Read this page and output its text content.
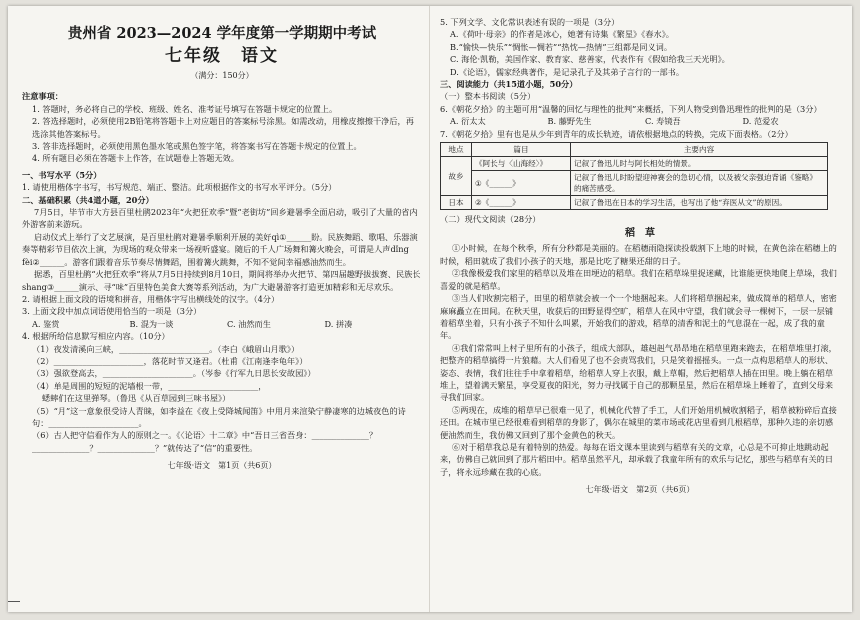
贵州省 2023—2024 学年度第一学期期中考试
七年级　语文
（满分：150分）
注意事项：
1. 答题时，务必将自己的学校、班级、姓名、准考证号填写在答题卡规定的位置上。
2. 答选择题时，必须使用2B铅笔将答题卡上对应题目的答案标号涂黑。如需改动，用橡皮擦擦干净后，再选涂其他答案标号。
3. 答非选择题时，必须使用黑色墨水笔或黑色签字笔，将答案书写在答题卡规定的位置上。
4. 所有题目必须在答题卡上作答，在试题卷上答题无效。
一、书写水平（5分）
1. 请使用楷体字书写，书写规范、端正、整洁。此项根据作文的书写水平评分。（5分）
二、基础积累（共4道小题，20分）
7月5日，毕节市大方县百里杜鹃2023年“火把狂欢季”暨“老街坊”回乡避暑季全面启动，吸引了大量的省内外游客前来游玩。
启动仪式上举行了文艺展演，是百里杜鹃对避暑季顺利开展的美好qì①______盼。民族舞蹈、歌唱、乐器演奏等精彩节目依次上演，为现场的观众带来一场视听盛宴。随后的千人广场舞和篝火晚会，可谓是人声dǐng fèi②______。游客们跟着音乐节奏尽情舞蹈，围着篝火跳舞，不知不觉间幸福感油然而生。
据悉，百里杜鹃“火把狂欢季”将从7月5日持续到8月10日，期间将举办火把节、第四届趣野拔拔赛、民族长shang③______演示、寻“味”百里特色美食大赛等系列活动，为广大避暑游客打造更加精彩和无尽欢乐。
2. 请根据上面文段的语境和拼音，用楷体字写出横线处的汉字。（4分）
3. 上面文段中加点词语使用恰当的一项是（3分）
A. 鉴赏	B. 混为一谈	C. 油然而生	D. 拼凑
4. 根据所给信息默写相应内容。（10分）
（1）夜发清溪向三峡，______________________。（李白《峨眉山月歌》）
（2）______________________，落花时节又逢君。（杜甫《江南逢李龟年》）
（3）强欲登高去，______________________。（岑参《行军九日思长安故园》）
（4）单是周围的短短的泥墙根一带，______________________，
蟋蟀们在这里弹琴。（鲁迅《从百草园到三味书屋》）
（5）“月”这一意象很受诗人青睐，如李益在《夜上受降城闻笛》中用月来渲染宁静凄寒的边城夜色的诗句：______________________。
（6）古人把守信看作为人的原则之一。《〈论语〉十二章》中“吾日三省吾身：______________？______________？______________？”就传达了“信”的重要性。
七年级·语文　第1页（共6页）
5. 下列文学、文化常识表述有误的一项是（3分）
A.《荷叶·母亲》的作者是冰心，她著有诗集《繁星》《春水》。
B.“愉快—快乐”“惆怅—惆若”“热忱—热情”三组都是同义词。
C. 海伦·凯勒，美国作家、教育家、慈善家，代表作有《假如给我三天光明》。
D.《论语》，儒家经典著作，是记录孔子及其弟子言行的一部书。
三、阅读能力（共15道小题，50分）
（一）整本书阅读（5分）
6.《朝花夕拾》的主题可用“温馨的回忆与理性的批判”来概括，下列人物受到鲁迅理性的批判的是（3分）
A. 衍太太	B. 藤野先生	C. 寿镜吾	D. 范爱农
7.《朝花夕拾》里有也是从少年到青年的成长轨迹，请依根据地点的转换，完成下面表格。（2分）
地点	篇目	主要内容
故乡	《阿长与〈山海经〉》	记叙了鲁迅儿时与阿长相处的情景。
	①《______》	记叙了鲁迅儿时盼望迎神赛会的急切心情，以及被父亲强迫背诵《鉴略》的痛苦感受。
日本	②《______》	记叙了鲁迅在日本的学习生活，也写出了他“弃医从文”的原因。
（二）现代文阅读（28分）
稻　草
①小时候，在每个秋季，所有分秒都是美丽的。在稻穗雨隐探读投载割下上地的时候，在黄色涂在稻穗上的时候，稻田就成了我们小孩子的天地，那是比吃了糖果还甜的日子。
②我像极爱我们家里的稻草以及堆在田埂边的稻草。我们在稻草垛里捉迷藏，比谁能更快地爬上草垛，我们喜爱的就是稻草。
③当人们收割完稻子，田里的稻草就会被一个一个地捆起来。人们将稻草捆起来，做成简单的稻草人，密密麻麻矗立在田间。在秋天里，收获后的田野显得空旷，稻草人在风中守望，我们就会寻一棵树下，一层一层铺着稻草坐着，只有小孩子不知什么叫累，开始我们的游戏，稻草的清香和泥土的气息混在一起，成了我的童年。
④我们常常叫上村子里所有的小孩子，组成大部队，雄赳赳气昂昂地在稻草里跑来跑去，在稻草堆里打滚，把整齐的稻草搞得一片狼藉。大人们看见了也不会责骂我们，只是笑着摇摇头。一点一点构思稻草人的形状、姿态、表情，我们往往手中拿着稻草，给稻草人穿上衣服，戴上草帽，然后把稻草人插在田里。晚上躺在稻草堆上，望着满天繁星，享受夏夜的阳光，努力寻找属于自己的那颗星星，然后在稻草垛上睡着了，直到父母来寻我们回家。
⑤两现在，成堆的稻草早已很难一见了，机械化代替了手工，人们开始用机械收割稻子，稻草被粉碎后直接还田。在城市里已经很难看到稻草的身影了，偶尔在城里的菜市场或花店里看到几根稻草，那种久违的亲切感便油然而生，我仿佛又回到了那个金黄色的秋天。
⑥对于稻草我总是有着特别的热爱。每每在语文课本里读到与稻草有关的文章，心总是不可抑止地跳动起来，仿佛自己就回到了那片稻田中。稻草虽然平凡，却承载了我童年所有的欢乐与记忆，那些与稻草有关的日子，将永远珍藏在我的心底。
七年级·语文　第2页（共6页）
